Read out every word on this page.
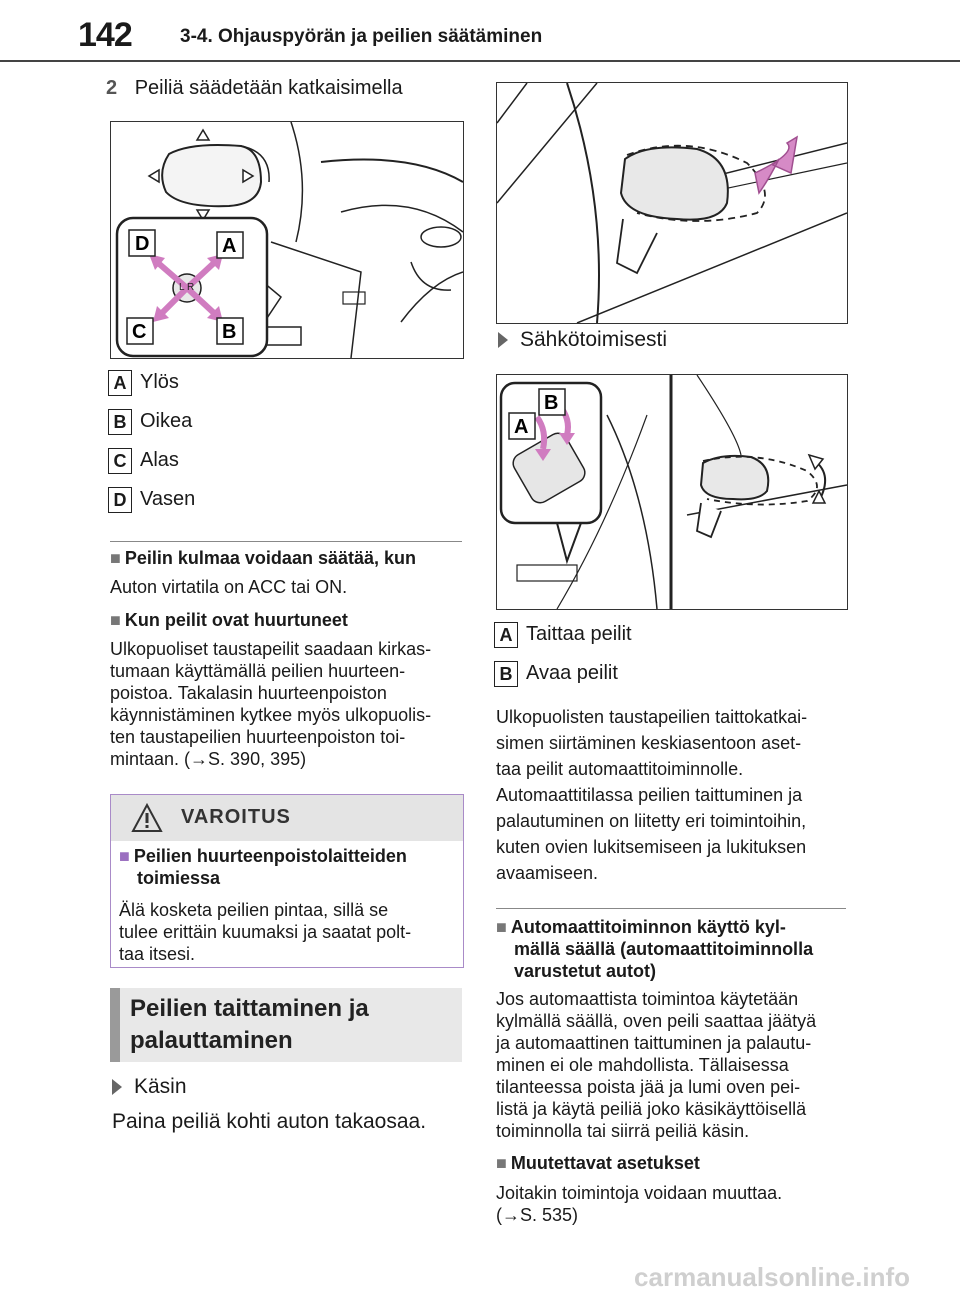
142	3-4. Ohjauspyörän ja peilien säätäminen
2 Peiliä säädetään katkaisimella
L R
D	A
C	B
A Ylös
B Oikea
C Alas
D Vasen
■ Peilin kulmaa voidaan säätää, kun
Auton virtatila on ACC tai ON.
■ Kun peilit ovat huurtuneet
Ulkopuoliset taustapeilit saadaan kirkas-
tumaan käyttämällä peilien huurteen-
poistoa. Takalasin huurteenpoiston
käynnistäminen kytkee myös ulkopuolis-
ten taustapeilien huurteenpoiston toi-
mintaan. (→S. 390, 395)
VAROITUS
■ Peilien huurteenpoistolaitteiden
toimiessa
Älä kosketa peilien pintaa, sillä se
tulee erittäin kuumaksi ja saatat polt-
taa itsesi.
Peilien taittaminen ja
palauttaminen
Käsin
Paina peiliä kohti auton takaosaa.
Sähkötoimisesti
B
A
A Taittaa peilit
B Avaa peilit
Ulkopuolisten taustapeilien taittokatkai-
simen siirtäminen keskiasentoon aset-
taa peilit automaattitoiminnolle.
Automaattitilassa peilien taittuminen ja
palautuminen on liitetty eri toimintoihin,
kuten ovien lukitsemiseen ja lukituksen
avaamiseen.
■ Automaattitoiminnon käyttö kyl-
mällä säällä (automaattitoiminnolla
varustetut autot)
Jos automaattista toimintoa käytetään
kylmällä säällä, oven peili saattaa jäätyä
ja automaattinen taittuminen ja palautu-
minen ei ole mahdollista. Tällaisessa
tilanteessa poista jää ja lumi oven pei-
listä ja käytä peiliä joko käsikäyttöisellä
toiminnolla tai siirrä peiliä käsin.
■ Muutettavat asetukset
Joitakin toimintoja voidaan muuttaa.
(→S. 535)
carmanualsonline.info
